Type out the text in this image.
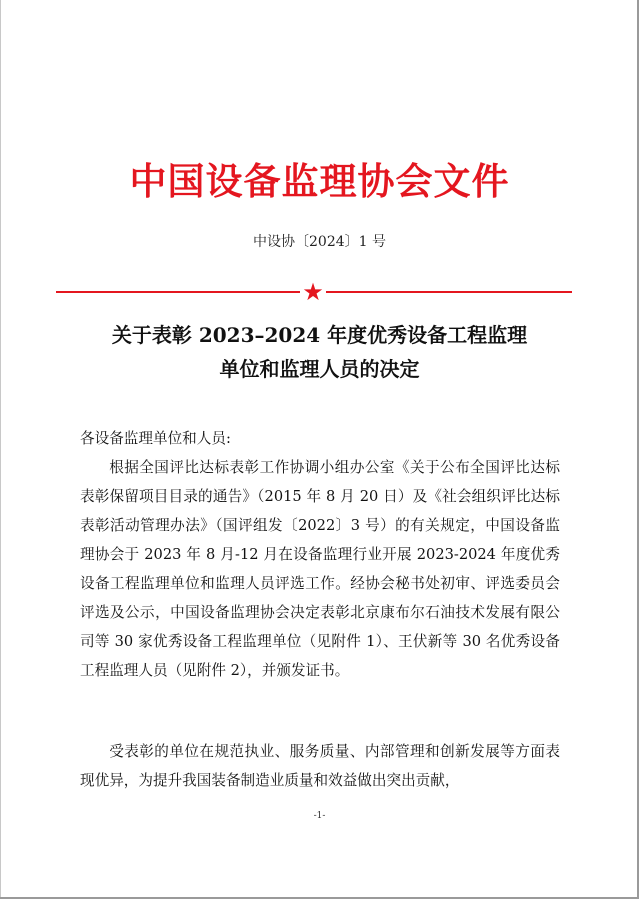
中国设备监理协会文件
中设协〔2024〕1 号
★
关于表彰 2023–2024 年度优秀设备工程监理
单位和监理人员的决定
各设备监理单位和人员:
根据全国评比达标表彰工作协调小组办公室《关于公布全国评比达标表彰保留项目目录的通告》（2015 年 8 月 20 日）及《社会组织评比达标表彰活动管理办法》（国评组发〔2022〕3 号）的有关规定，中国设备监理协会于 2023 年 8 月-12 月在设备监理行业开展 2023-2024 年度优秀设备工程监理单位和监理人员评选工作。经协会秘书处初审、评选委员会评选及公示，中国设备监理协会决定表彰北京康布尔石油技术发展有限公司等 30 家优秀设备工程监理单位（见附件 1）、王伏新等 30 名优秀设备工程监理人员（见附件 2），并颁发证书。
受表彰的单位在规范执业、服务质量、内部管理和创新发展等方面表现优异，为提升我国装备制造业质量和效益做出突出贡献，
-1-
